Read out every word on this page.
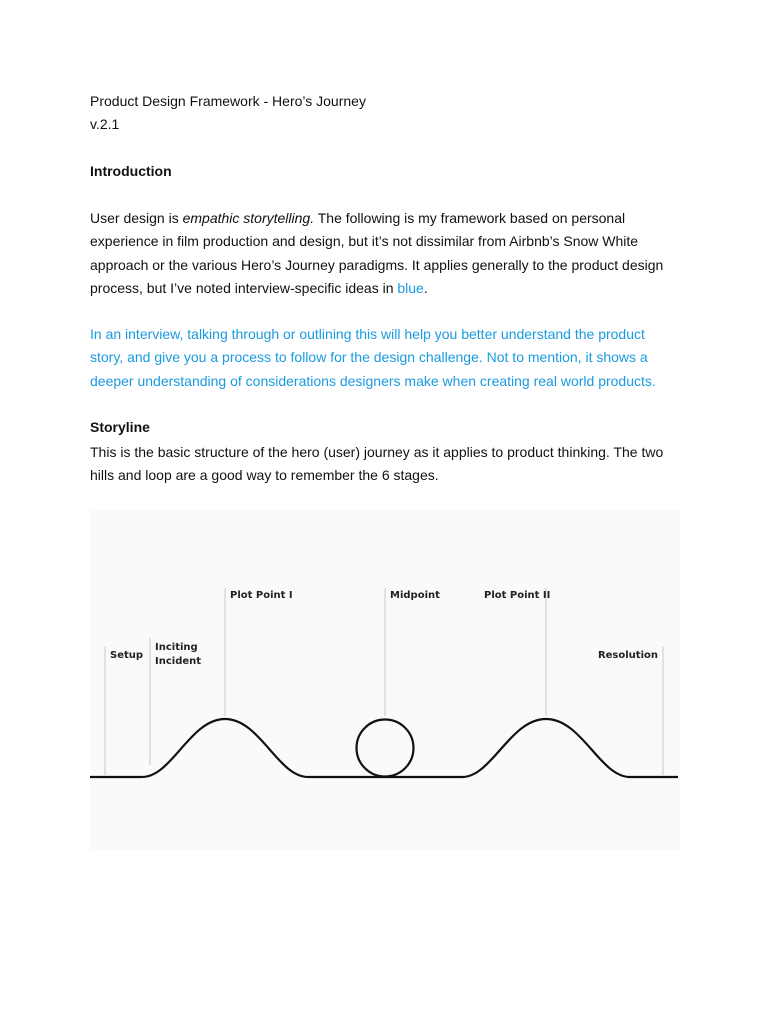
Product Design Framework - Hero’s Journey
v.2.1
Introduction
User design is empathic storytelling. The following is my framework based on personal experience in film production and design, but it’s not dissimilar from Airbnb’s Snow White approach or the various Hero’s Journey paradigms. It applies generally to the product design process, but I’ve noted interview-specific ideas in blue.
In an interview, talking through or outlining this will help you better understand the product story, and give you a process to follow for the design challenge. Not to mention, it shows a deeper understanding of considerations designers make when creating real world products.
Storyline
This is the basic structure of the hero (user) journey as it applies to product thinking. The two hills and loop are a good way to remember the 6 stages.
Setup
Inciting
Incident
Plot Point I	Midpoint	Plot Point II
Resolution
